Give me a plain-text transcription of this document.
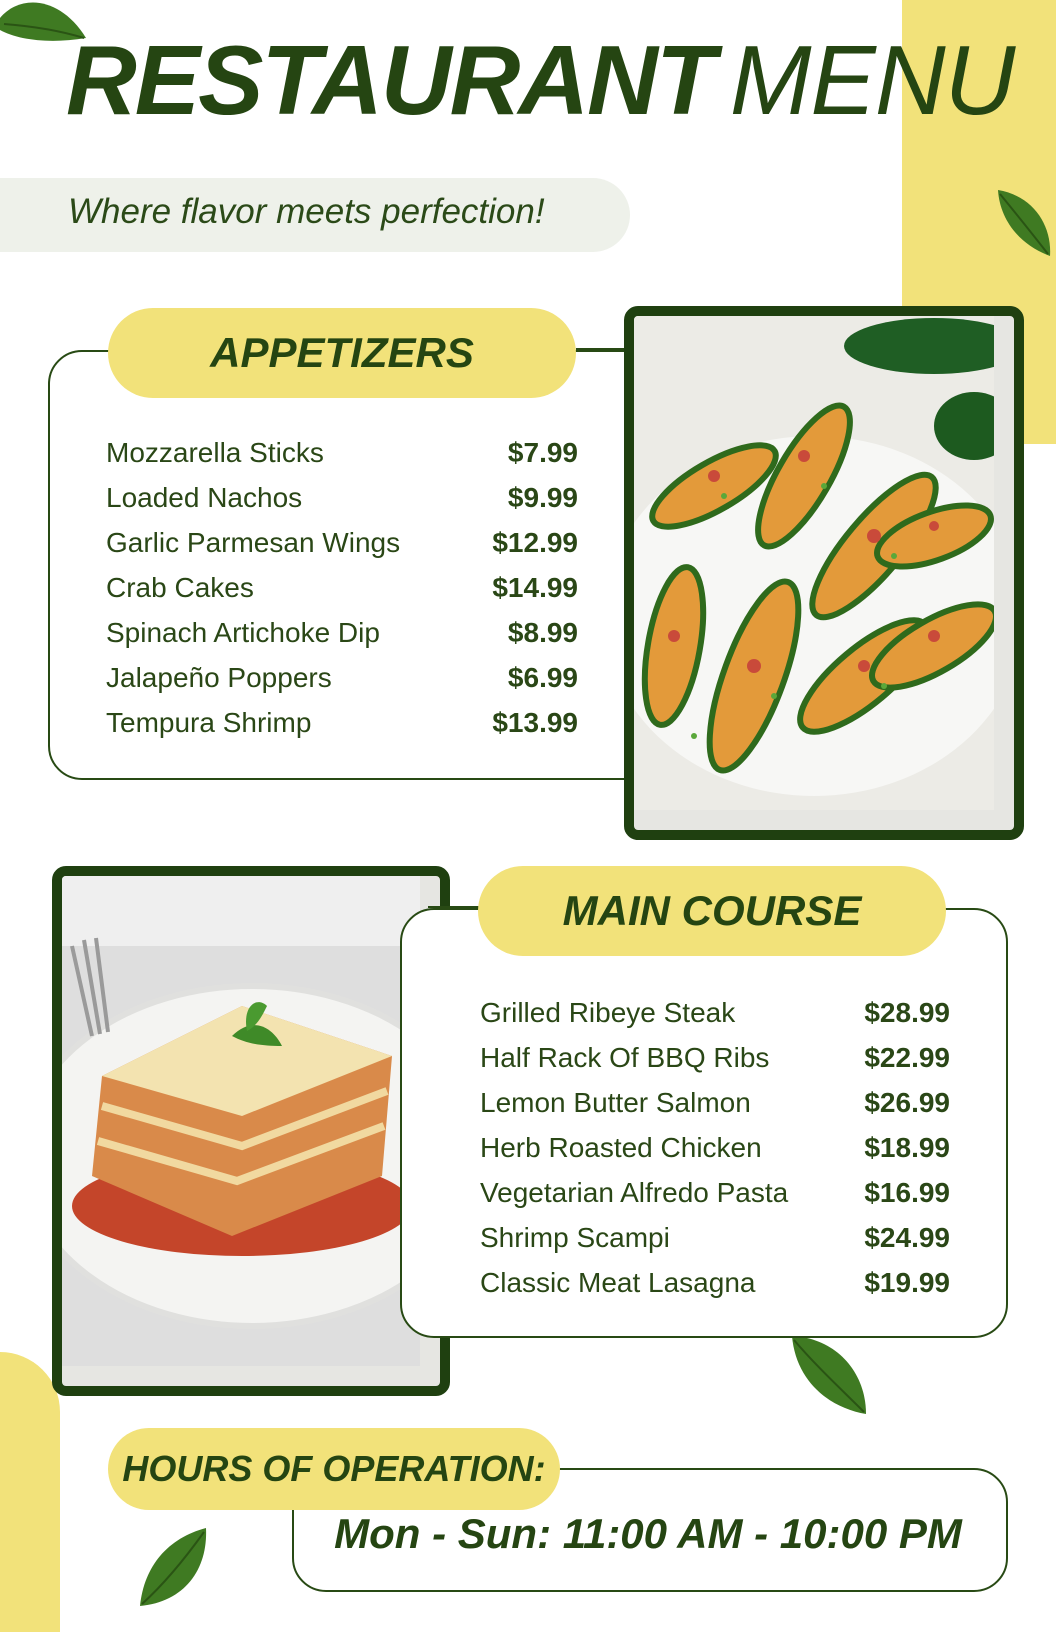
RESTAURANT MENU
Where flavor meets perfection!
APPETIZERS
Mozzarella Sticks	$7.99
Loaded Nachos	$9.99
Garlic Parmesan Wings	$12.99
Crab Cakes	$14.99
Spinach Artichoke Dip	$8.99
Jalapeño Poppers	$6.99
Tempura Shrimp	$13.99
MAIN COURSE
Grilled Ribeye Steak	$28.99
Half Rack Of BBQ Ribs	$22.99
Lemon Butter Salmon	$26.99
Herb Roasted Chicken	$18.99
Vegetarian Alfredo Pasta	$16.99
Shrimp Scampi	$24.99
Classic Meat Lasagna	$19.99
HOURS OF OPERATION:
Mon - Sun: 11:00 AM - 10:00 PM
